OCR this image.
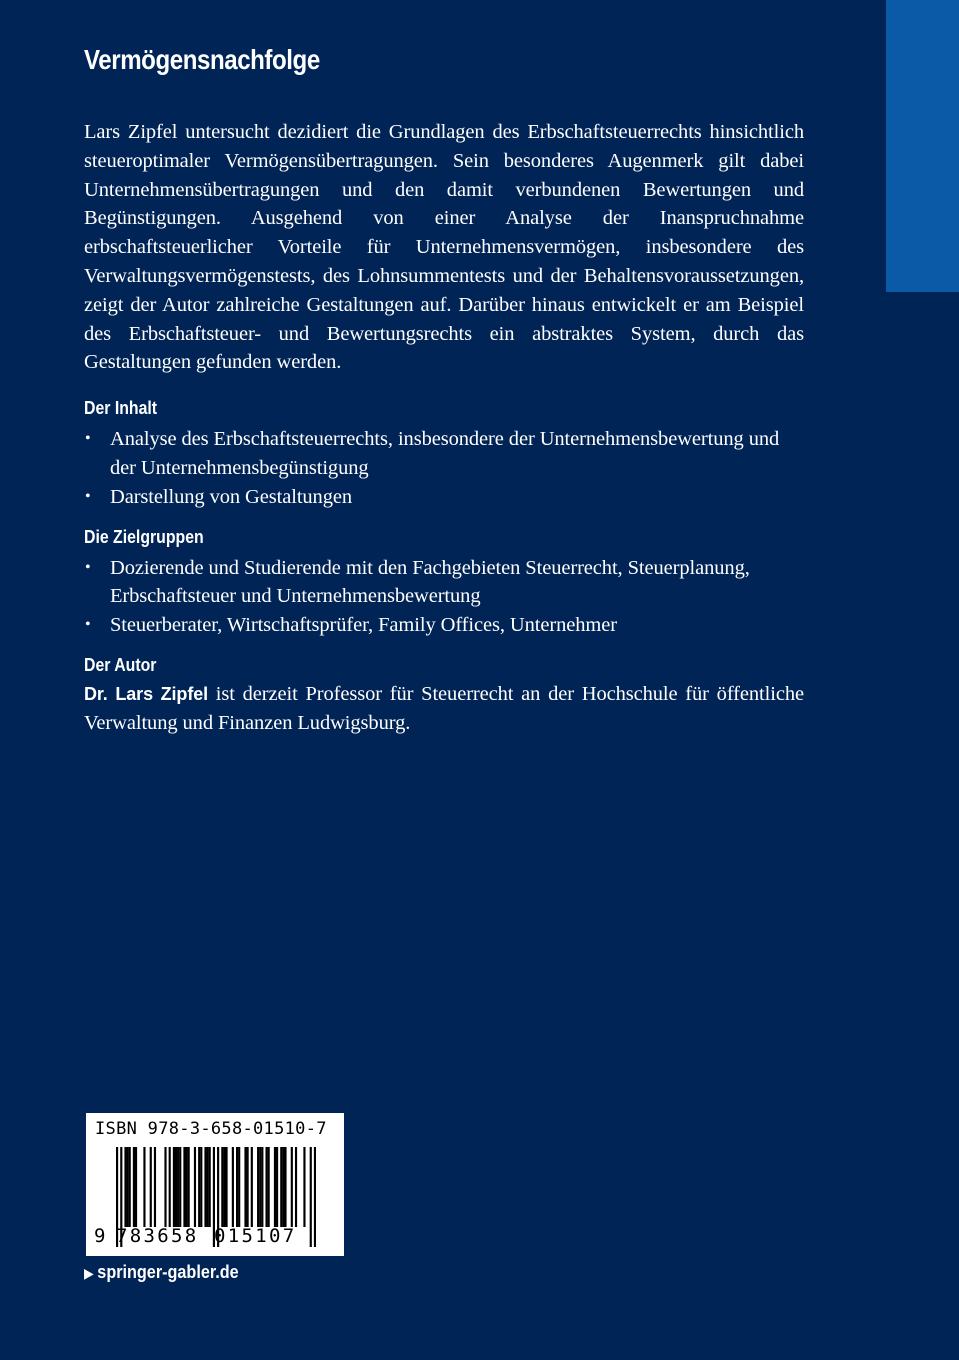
Vermögensnachfolge

Lars Zipfel untersucht dezidiert die Grundlagen des Erbschaftsteuerrechts hinsichtlich steueroptimaler Vermögensübertragungen. Sein besonderes Augenmerk gilt dabei Unternehmensübertragungen und den damit verbundenen Bewertungen und Begünstigungen. Ausgehend von einer Analyse der Inanspruchnahme erbschaftsteuerlicher Vorteile für Unternehmensvermögen, insbesondere des Verwaltungsvermögenstests, des Lohnsummentests und der Behaltensvoraussetzungen, zeigt der Autor zahlreiche Gestaltungen auf. Darüber hinaus entwickelt er am Beispiel des Erbschaftsteuer- und Bewertungsrechts ein abstraktes System, durch das Gestaltungen gefunden werden.

Der Inhalt
• Analyse des Erbschaftsteuerrechts, insbesondere der Unternehmensbewertung und der Unternehmensbegünstigung
• Darstellung von Gestaltungen
Die Zielgruppen
• Dozierende und Studierende mit den Fachgebieten Steuerrecht, Steuerplanung, Erbschaftsteuer und Unternehmensbewertung
• Steuerberater, Wirtschaftsprüfer, Family Offices, Unternehmer
Der Autor

Dr. Lars Zipfel ist derzeit Professor für Steuerrecht an der Hochschule für öffentliche Verwaltung und Finanzen Ludwigsburg.

ISBN 978-3-658-01510-7
9 783658 015107
▶ springer-gabler.de
